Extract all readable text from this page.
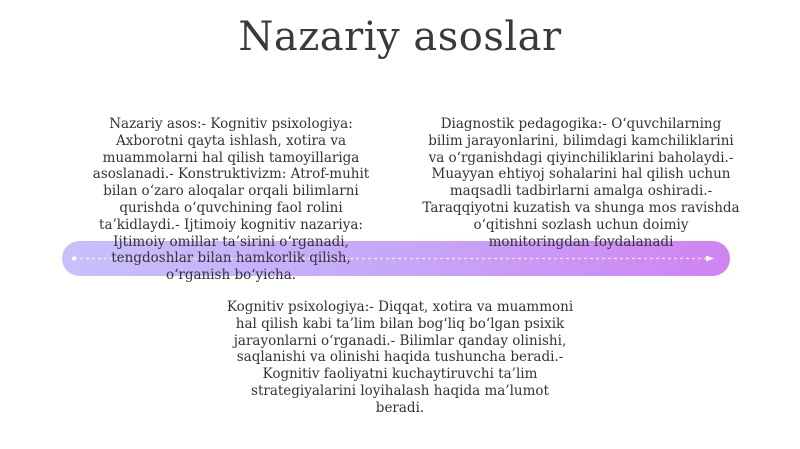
Nazariy asoslar
Nazariy asos:- Kognitiv psixologiya: Axborotni qayta ishlash, xotira va muammolarni hal qilish tamoyillariga asoslanadi.- Konstruktivizm: Atrof-muhit bilan o‘zaro aloqalar orqali bilimlarni qurishda o‘quvchining faol rolini ta’kidlaydi.- Ijtimoiy kognitiv nazariya: Ijtimoiy omillar ta’sirini o‘rganadi, tengdoshlar bilan hamkorlik qilish, o‘rganish bo‘yicha.
Diagnostik pedagogika:- O‘quvchilarning bilim jarayonlarini, bilimdagi kamchiliklarini va o‘rganishdagi qiyinchiliklarini baholaydi.- Muayyan ehtiyoj sohalarini hal qilish uchun maqsadli tadbirlarni amalga oshiradi.- Taraqqiyotni kuzatish va shunga mos ravishda o‘qitishni sozlash uchun doimiy monitoringdan foydalanadi
Kognitiv psixologiya:- Diqqat, xotira va muammoni hal qilish kabi ta’lim bilan bog‘liq bo‘lgan psixik jarayonlarni o‘rganadi.- Bilimlar qanday olinishi, saqlanishi va olinishi haqida tushuncha beradi.- Kognitiv faoliyatni kuchaytiruvchi ta’lim strategiyalarini loyihalash haqida ma’lumot beradi.
